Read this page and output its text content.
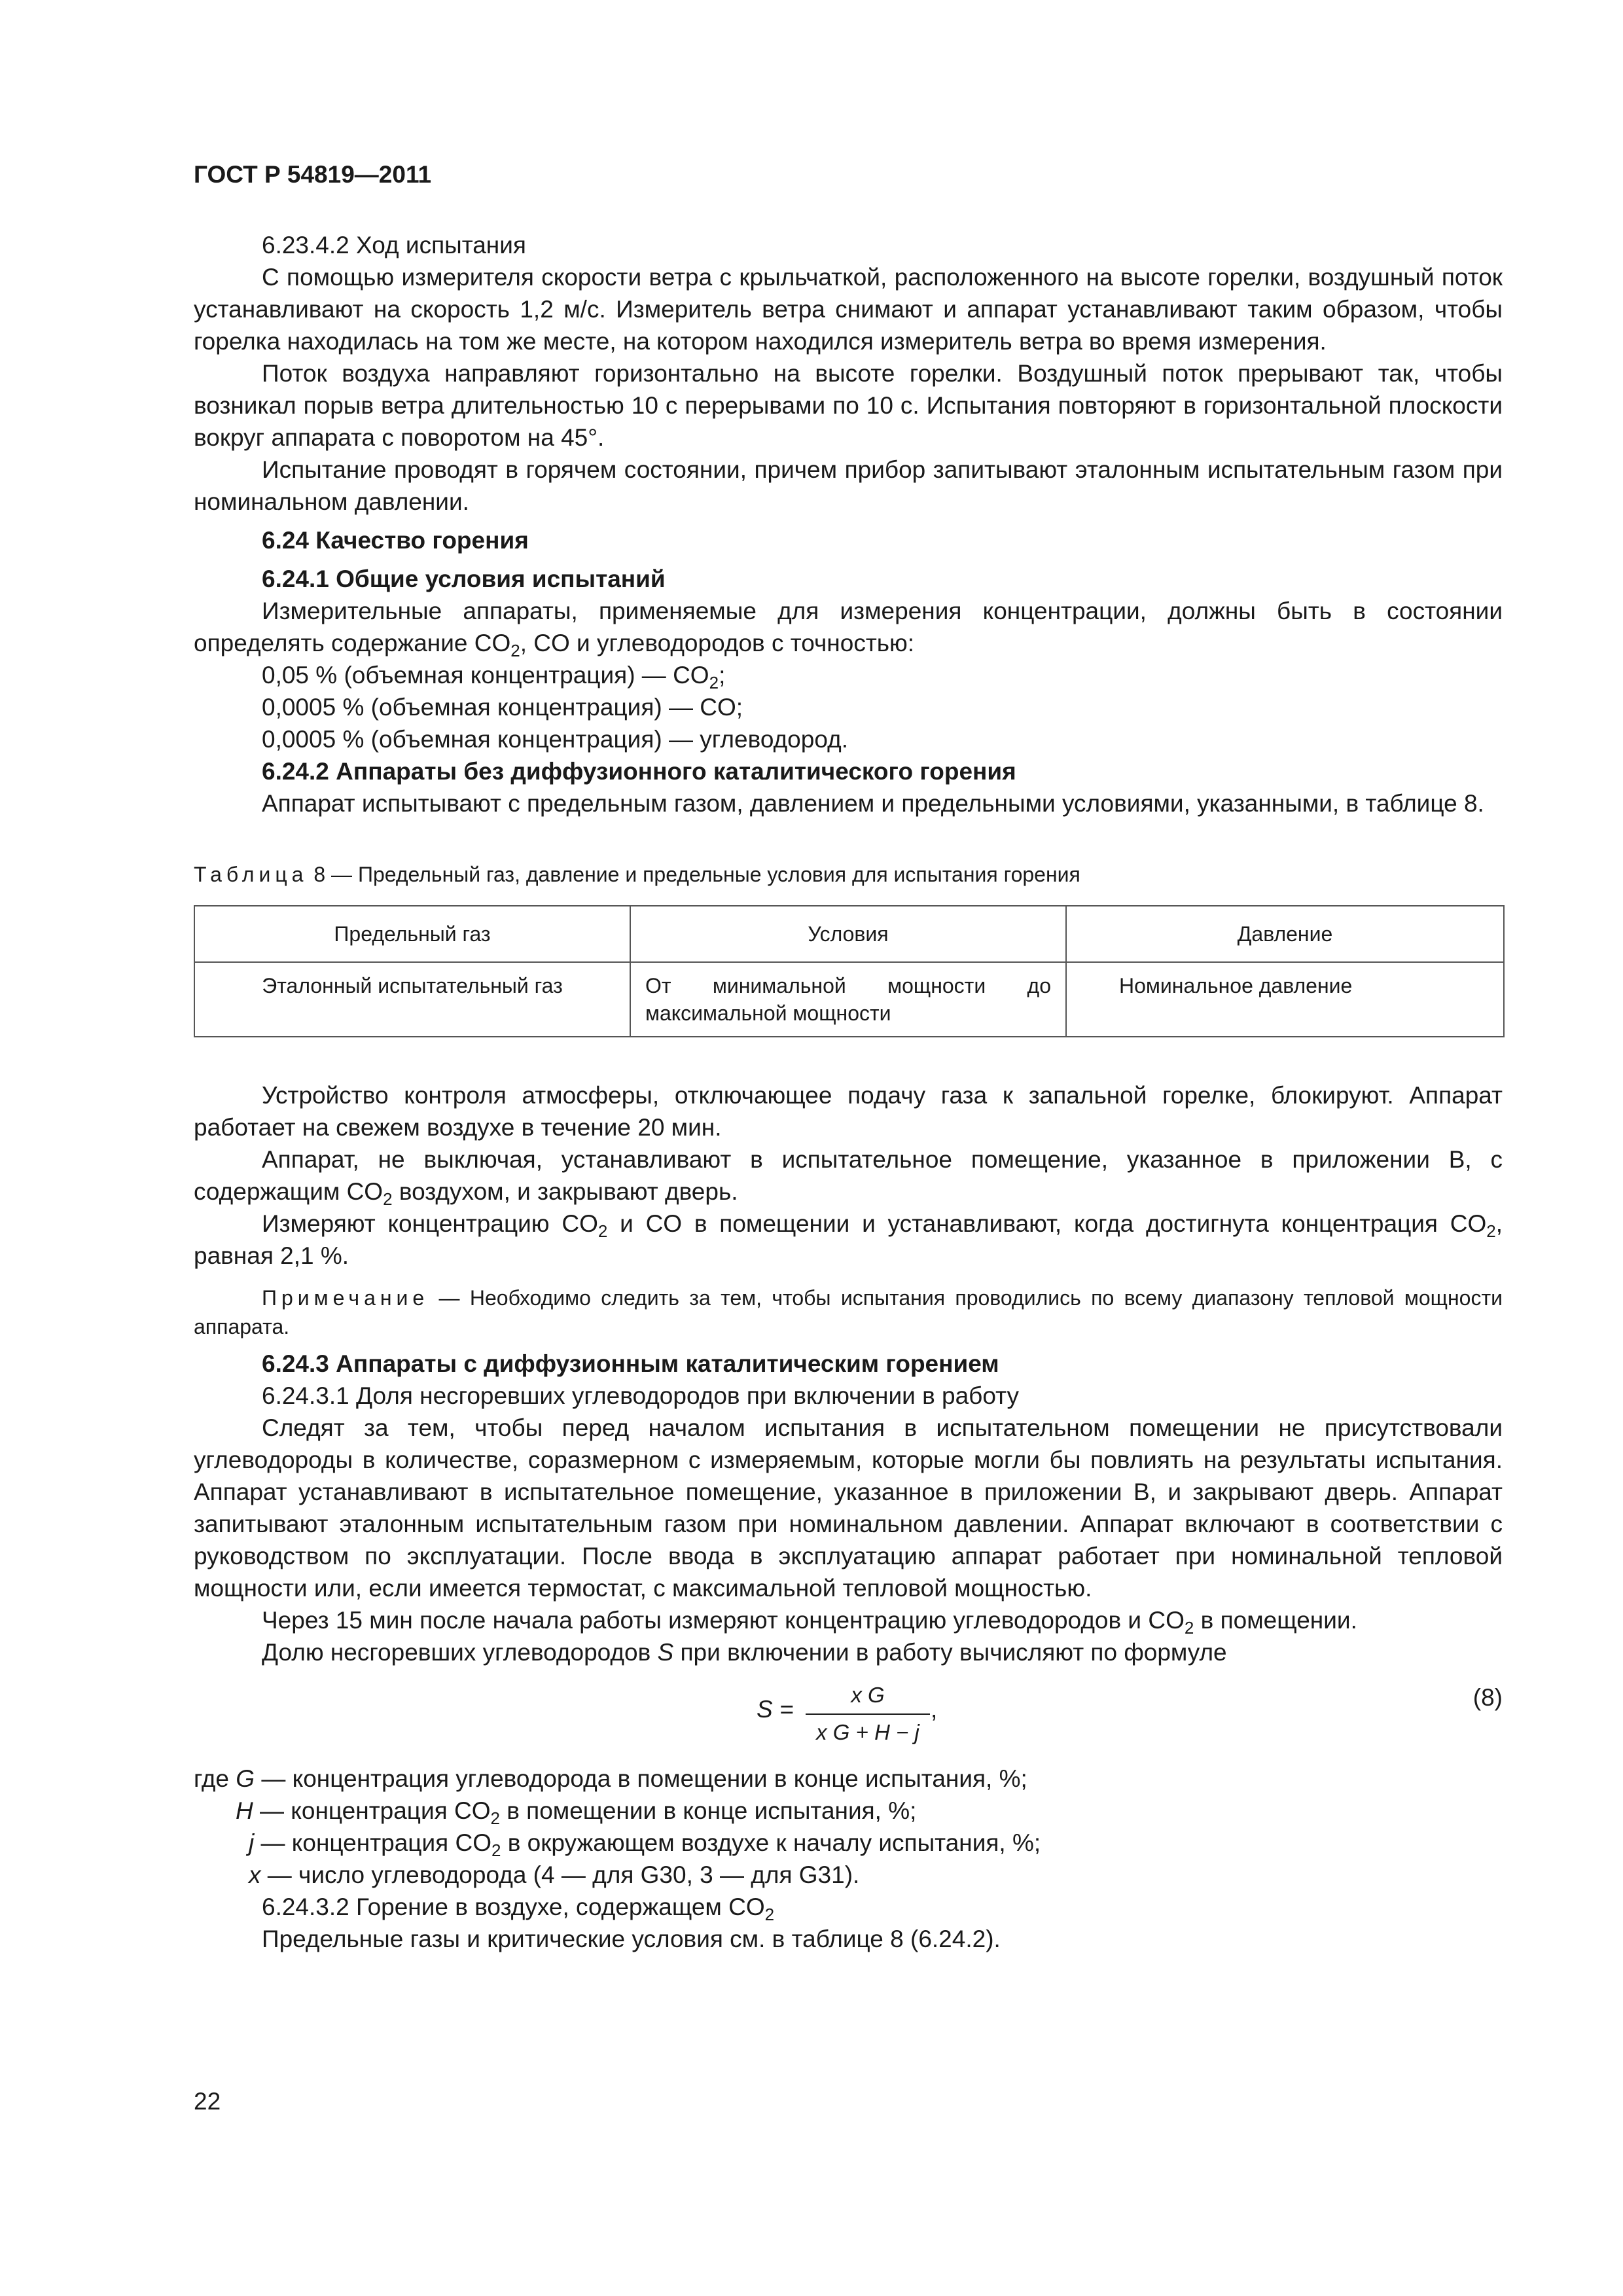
ГОСТ Р 54819—2011

6.23.4.2 Ход испытания

С помощью измерителя скорости ветра с крыльчаткой, расположенного на высоте горелки, воздушный поток устанавливают на скорость 1,2 м/с. Измеритель ветра снимают и аппарат устанавливают таким образом, чтобы горелка находилась на том же месте, на котором находился измеритель ветра во время измерения.

Поток воздуха направляют горизонтально на высоте горелки. Воздушный поток прерывают так, чтобы возникал порыв ветра длительностью 10 с перерывами по 10 с. Испытания повторяют в горизонтальной плоскости вокруг аппарата с поворотом на 45°.

Испытание проводят в горячем состоянии, причем прибор запитывают эталонным испытательным газом при номинальном давлении.

6.24 Качество горения

6.24.1 Общие условия испытаний

Измерительные аппараты, применяемые для измерения концентрации, должны быть в состоянии определять содержание $CO_2$, CO и углеводородов с точностью:

0,05 % (объемная концентрация) — $CO_2$;

0,0005 % (объемная концентрация) — CO;

0,0005 % (объемная концентрация) — углеводород.

6.24.2 Аппараты без диффузионного каталитического горения

Аппарат испытывают с предельным газом, давлением и предельными условиями, указанными, в таблице 8.

Таблица 8 — Предельный газ, давление и предельные условия для испытания горения

Предельный газ	Условия	Давление
Эталонный испытательный газ	От минимальной мощности до максимальной мощности	Номинальное давление

Устройство контроля атмосферы, отключающее подачу газа к запальной горелке, блокируют. Аппарат работает на свежем воздухе в течение 20 мин.

Аппарат, не выключая, устанавливают в испытательное помещение, указанное в приложении В, с содержащим $CO_2$ воздухом, и закрывают дверь.

Измеряют концентрацию $CO_2$ и CO в помещении и устанавливают, когда достигнута концентрация $CO_2$, равная 2,1 %.

Примечание — Необходимо следить за тем, чтобы испытания проводились по всему диапазону тепловой мощности аппарата.

6.24.3 Аппараты с диффузионным каталитическим горением

6.24.3.1 Доля несгоревших углеводородов при включении в работу

Следят за тем, чтобы перед началом испытания в испытательном помещении не присутствовали углеводороды в количестве, соразмерном с измеряемым, которые могли бы повлиять на результаты испытания. Аппарат устанавливают в испытательное помещение, указанное в приложении В, и закрывают дверь. Аппарат запитывают эталонным испытательным газом при номинальном давлении. Аппарат включают в соответствии с руководством по эксплуатации. После ввода в эксплуатацию аппарат работает при номинальной тепловой мощности или, если имеется термостат, с максимальной тепловой мощностью.

Через 15 мин после начала работы измеряют концентрацию углеводородов и $CO_2$ в помещении.

Долю несгоревших углеводородов S при включении в работу вычисляют по формуле

$S = \frac{\text{x G}}{\text{x G + H − j}}$ ,	(8)

где G — концентрация углеводорода в помещении в конце испытания, %;

H — концентрация $CO_2$ в помещении в конце испытания, %;

j — концентрация $CO_2$ в окружающем воздухе к началу испытания, %;

x — число углеводорода (4 — для G30, 3 — для G31).

6.24.3.2 Горение в воздухе, содержащем $CO_2$

Предельные газы и критические условия см. в таблице 8 (6.24.2).

22
